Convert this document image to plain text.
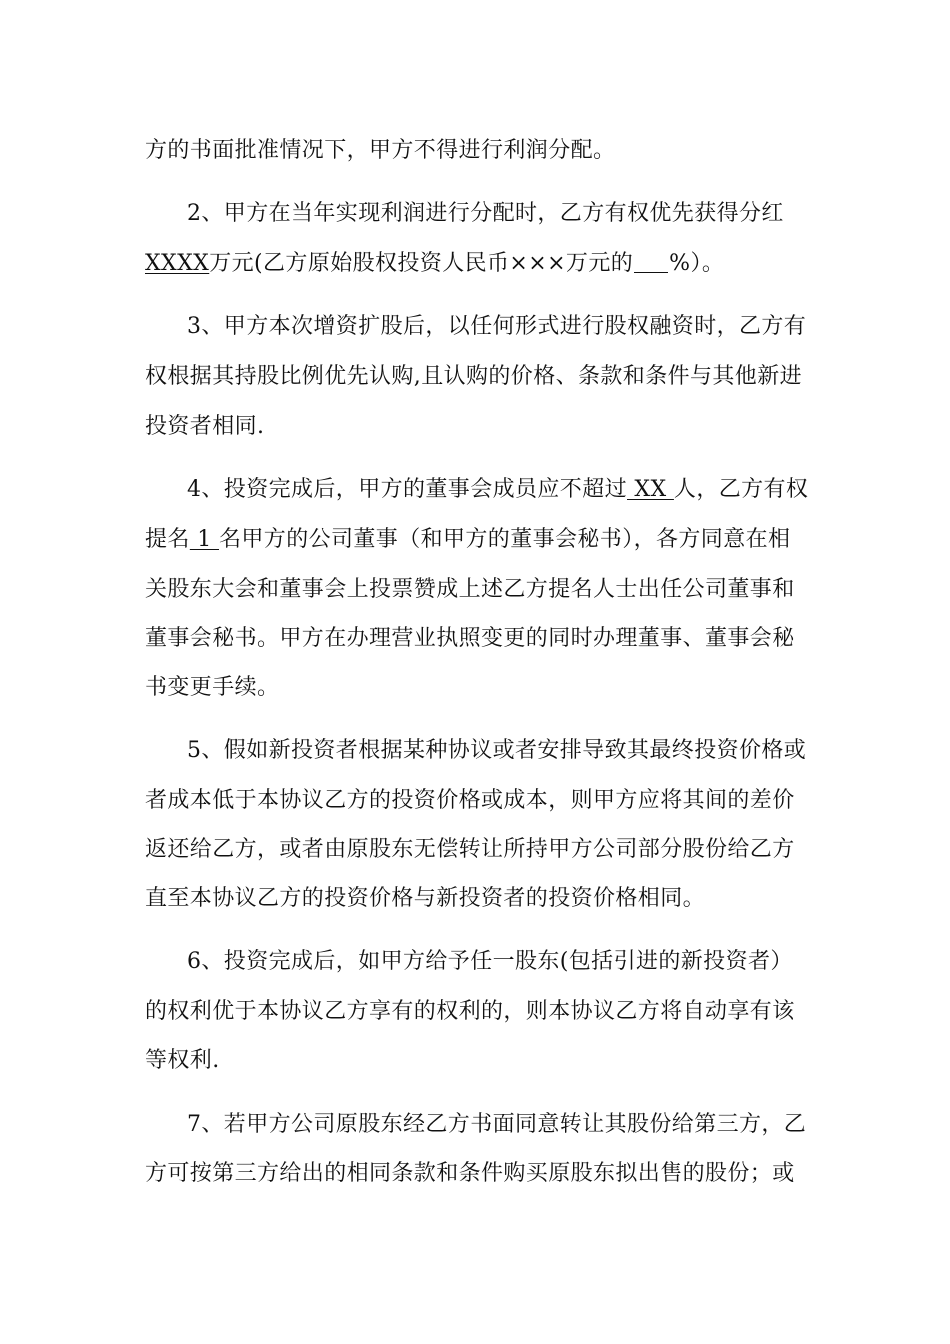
方的书面批准情况下，甲方不得进行利润分配。
2、甲方在当年实现利润进行分配时，乙方有权优先获得分红
XXXX万元(乙方原始股权投资人民币×××万元的 %）。
3、甲方本次增资扩股后，以任何形式进行股权融资时，乙方有
权根据其持股比例优先认购,且认购的价格、条款和条件与其他新进
投资者相同.
4、投资完成后，甲方的董事会成员应不超过 XX 人，乙方有权
提名 1 名甲方的公司董事（和甲方的董事会秘书），各方同意在相
关股东大会和董事会上投票赞成上述乙方提名人士出任公司董事和
董事会秘书。甲方在办理营业执照变更的同时办理董事、董事会秘
书变更手续。
5、假如新投资者根据某种协议或者安排导致其最终投资价格或
者成本低于本协议乙方的投资价格或成本，则甲方应将其间的差价
返还给乙方，或者由原股东无偿转让所持甲方公司部分股份给乙方
直至本协议乙方的投资价格与新投资者的投资价格相同。
6、投资完成后，如甲方给予任一股东(包括引进的新投资者）
的权利优于本协议乙方享有的权利的，则本协议乙方将自动享有该
等权利.
7、若甲方公司原股东经乙方书面同意转让其股份给第三方，乙
方可按第三方给出的相同条款和条件购买原股东拟出售的股份；或
